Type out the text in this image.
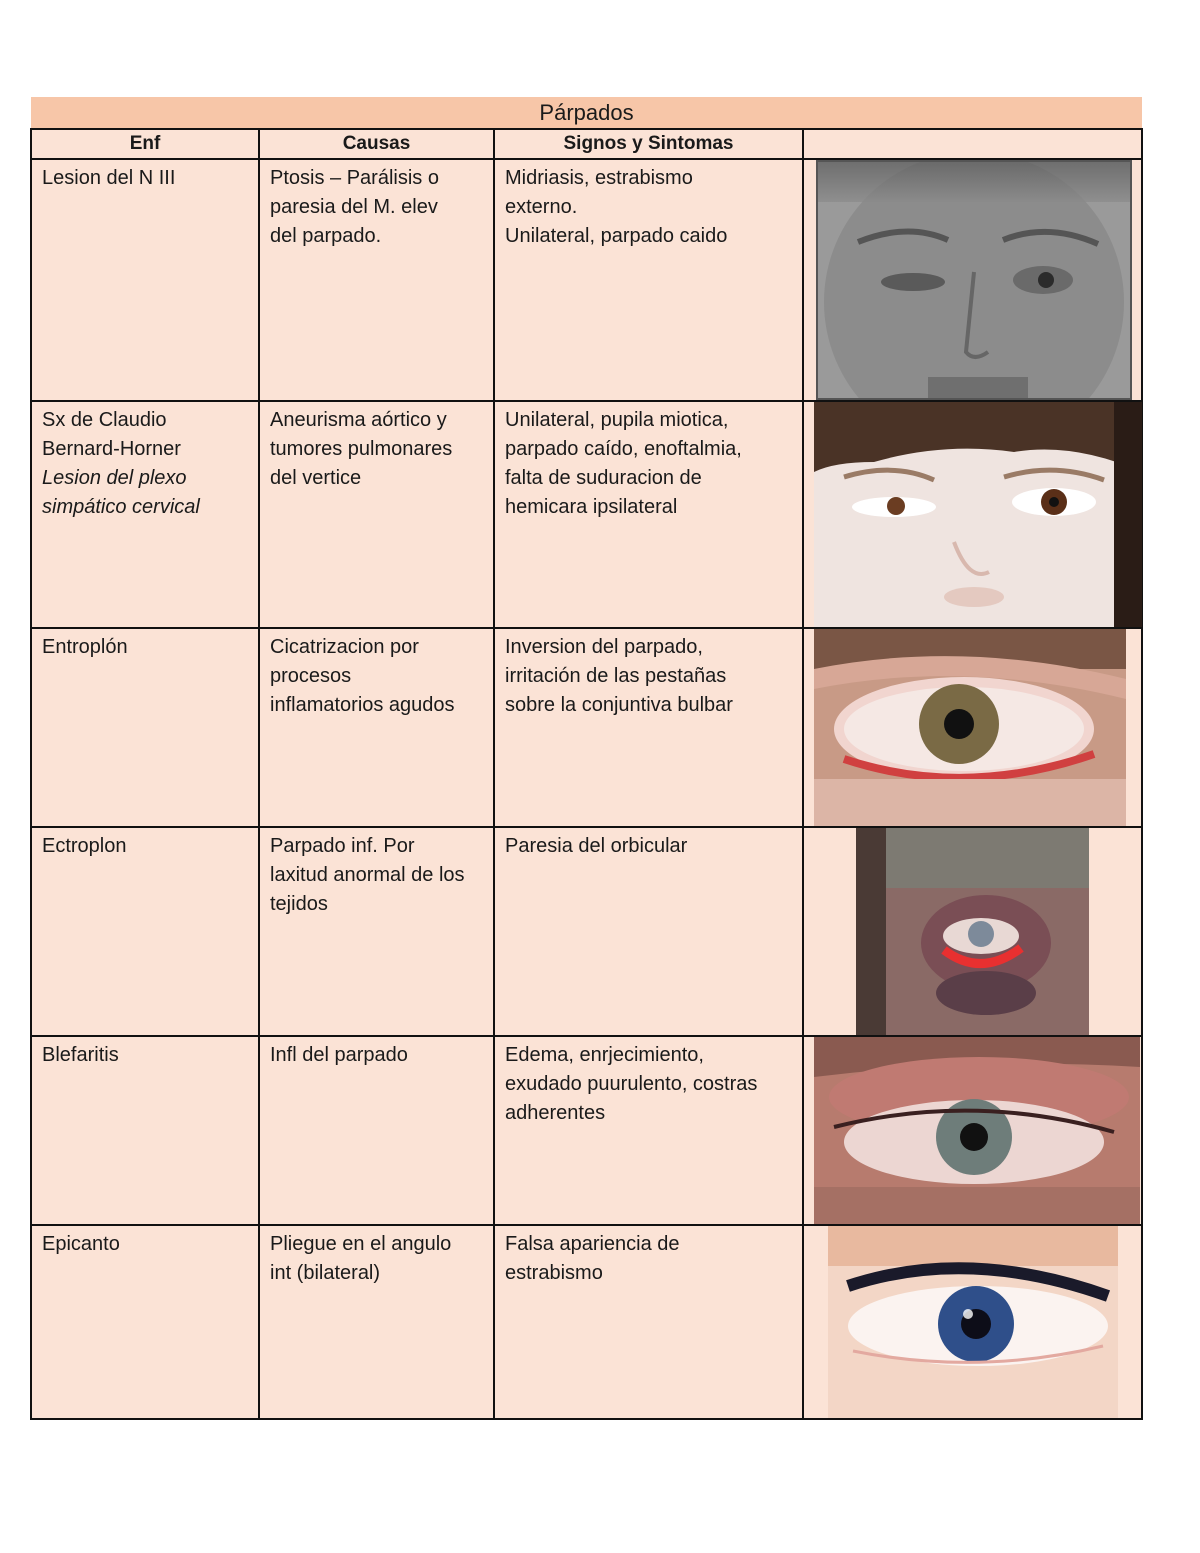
Párpados			
Enf	Causas	Signos y Sintomas	

Lesion del N III	Ptosis – Parálisis o
paresia del M. elev
del parpado.	Midriasis, estrabismo
externo.
Unilateral, parpado caido

Sx de Claudio
Bernard-Horner
Lesion del plexo
simpático cervical	Aneurisma aórtico y
tumores pulmonares
del vertice	Unilateral, pupila miotica,
parpado caído, enoftalmia,
falta de suduracion de
hemicara ipsilateral

Entroplón	Cicatrizacion por
procesos
inflamatorios agudos	Inversion del parpado,
irritación de las pestañas
sobre la conjuntiva bulbar

Ectroplon	Parpado inf. Por
laxitud anormal de los
tejidos	Paresia del orbicular

Blefaritis	Infl del parpado	Edema, enrjecimiento,
exudado puurulento, costras
adherentes

Epicanto	Pliegue en el angulo
int (bilateral)	Falsa apariencia de
estrabismo
